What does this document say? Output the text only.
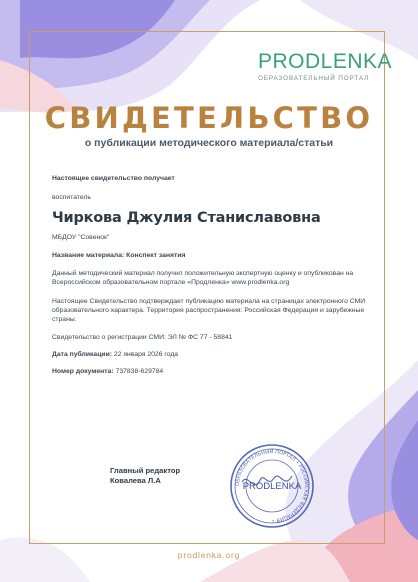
PRODLENKA
ОБРАЗОВАТЕЛЬНЫЙ ПОРТАЛ
СВИДЕТЕЛЬСТВО
о публикации методического материала/статьи
Настоящее свидетельство получает
воспитатель
Чиркова Джулия Станиславовна
МБДОУ "Совенок"
Название материала: Конспект занятия
Данный методический материал получил положительную экспертную оценку и опубликован на Всероссийском образовательном портале «Продленка» www.prodlenka.org
Настоящее Свидетельство подтверждает публикацию материала на страницах электронного СМИ образовательного характера. Территория распространения: Российская Федерация и зарубежные страны.
Свидетельство о регистрации СМИ: ЭЛ № ФС 77 - 58841
Дата публикации: 22 января 2026 года
Номер документа: 737838-629784
Главный редактор
Ковалева Л.А	ОБРАЗОВАТЕЛЬНЫЙ ПОРТАЛ • РОССИЙСКАЯ ФЕДЕРАЦИЯ •
PRODLENKA
prodlenka.org
